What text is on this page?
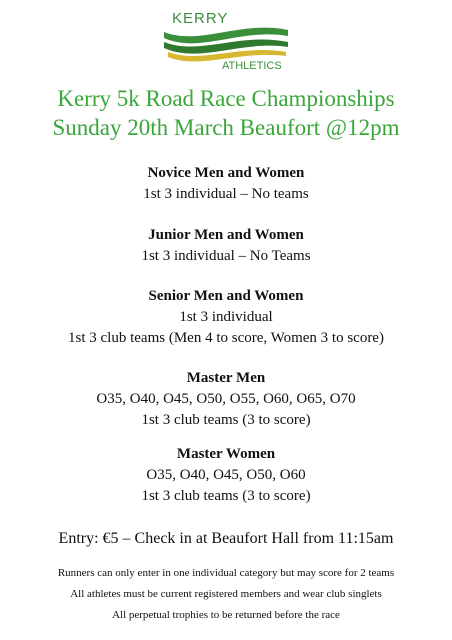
KERRY
ATHLETICS
Kerry 5k Road Race Championships
Sunday 20th March Beaufort @12pm
Novice Men and Women
1st 3 individual – No teams
Junior Men and Women
1st 3 individual – No Teams
Senior Men and Women
1st 3 individual
1st 3 club teams (Men 4 to score, Women 3 to score)
Master Men
O35, O40, O45, O50, O55, O60, O65, O70
1st 3 club teams (3 to score)
Master Women
O35, O40, O45, O50, O60
1st 3 club teams (3 to score)
Entry: €5 – Check in at Beaufort Hall from 11:15am
Runners can only enter in one individual category but may score for 2 teams
All athletes must be current registered members and wear club singlets
All perpetual trophies to be returned before the race
